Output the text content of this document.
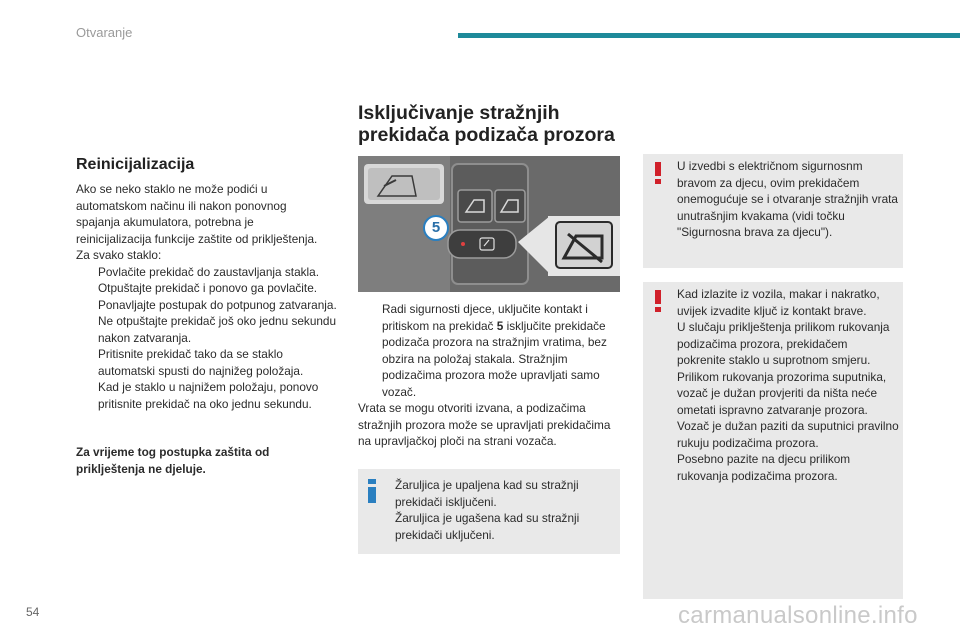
Otvaranje
Reinicijalizacija
Ako se neko staklo ne može podići u
automatskom načinu ili nakon ponovnog
spajanja akumulatora, potrebna je
reinicijalizacija funkcije zaštite od priklještenja.
Za svako staklo:
Povlačite prekidač do zaustavljanja stakla.
Otpuštajte prekidač i ponovo ga povlačite.
Ponavljajte postupak do potpunog zatvaranja.
Ne otpuštajte prekidač još oko jednu sekundu nakon zatvaranja.
Pritisnite prekidač tako da se staklo automatski spusti do najnižeg položaja.
Kad je staklo u najnižem položaju, ponovo pritisnite prekidač na oko jednu sekundu.
Za vrijeme tog postupka zaštita od priklještenja ne djeluje.
Isključivanje stražnjih
prekidača podizača prozora
5
Radi sigurnosti djece, uključite kontakt i pritiskom na prekidač 5 isključite prekidače podizača prozora na stražnjim vratima, bez obzira na položaj stakala. Stražnjim podizačima prozora može upravljati samo vozač.
Vrata se mogu otvoriti izvana, a podizačima stražnjih prozora može se upravljati prekidačima na upravljačkoj ploči na strani vozača.
Žaruljica je upaljena kad su stražnji
prekidači isključeni.
Žaruljica je ugašena kad su stražnji
prekidači uključeni.
U izvedbi s električnom sigurnosnm bravom za djecu, ovim prekidačem onemogućuje se i otvaranje stražnjih vrata unutrašnjim kvakama (vidi točku "Sigurnosna brava za djecu").
Kad izlazite iz vozila, makar i nakratko, uvijek izvadite ključ iz kontakt brave.
U slučaju priklještenja prilikom rukovanja podizačima prozora, prekidačem pokrenite staklo u suprotnom smjeru.
Prilikom rukovanja prozorima suputnika, vozač je dužan provjeriti da ništa neće ometati ispravno zatvaranje prozora.
Vozač je dužan paziti da suputnici pravilno rukuju podizačima prozora.
Posebno pazite na djecu prilikom rukovanja podizačima prozora.
54	carmanualsonline.info
